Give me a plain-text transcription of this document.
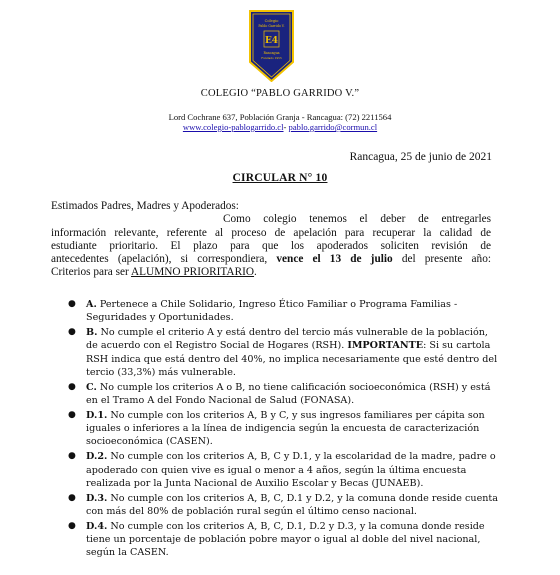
Colegio
Pablo Garrido V.
E4
Rancagua
Fundado 1955
COLEGIO “PABLO GARRIDO V.”
Lord Cochrane 637, Población Granja - Rancagua: (72) 2211564
www.colegio-pablogarrido.cl- pablo.garrido@cormun.cl
Rancagua, 25 de junio de 2021
CIRCULAR N° 10

Estimados Padres, Madres y Apoderados:

Como colegio tenemos el deber de entregarles

información relevante, referente al proceso de apelación para recuperar la calidad de

estudiante prioritario. El plazo para que los apoderados soliciten revisión de

antecedentes (apelación), si correspondiera, vence el 13 de julio del presente año:

Criterios para ser ALUMNO PRIORITARIO.

● A. Pertenece a Chile Solidario, Ingreso Ético Familiar o Programa Familias - Seguridades y Oportunidades.
● B. No cumple el criterio A y está dentro del tercio más vulnerable de la población, de acuerdo con el Registro Social de Hogares (RSH). IMPORTANTE: Si su cartola RSH indica que está dentro del 40%, no implica necesariamente que esté dentro del tercio (33,3%) más vulnerable.
● C. No cumple los criterios A o B, no tiene calificación socioeconómica (RSH) y está en el Tramo A del Fondo Nacional de Salud (FONASA).
● D.1. No cumple con los criterios A, B y C, y sus ingresos familiares per cápita son iguales o inferiores a la línea de indigencia según la encuesta de caracterización socioeconómica (CASEN).
● D.2. No cumple con los criterios A, B, C y D.1, y la escolaridad de la madre, padre o apoderado con quien vive es igual o menor a 4 años, según la última encuesta realizada por la Junta Nacional de Auxilio Escolar y Becas (JUNAEB).
● D.3. No cumple con los criterios A, B, C, D.1 y D.2, y la comuna donde reside cuenta con más del 80% de población rural según el último censo nacional.
● D.4. No cumple con los criterios A, B, C, D.1, D.2 y D.3, y la comuna donde reside tiene un porcentaje de población pobre mayor o igual al doble del nivel nacional, según la CASEN.
